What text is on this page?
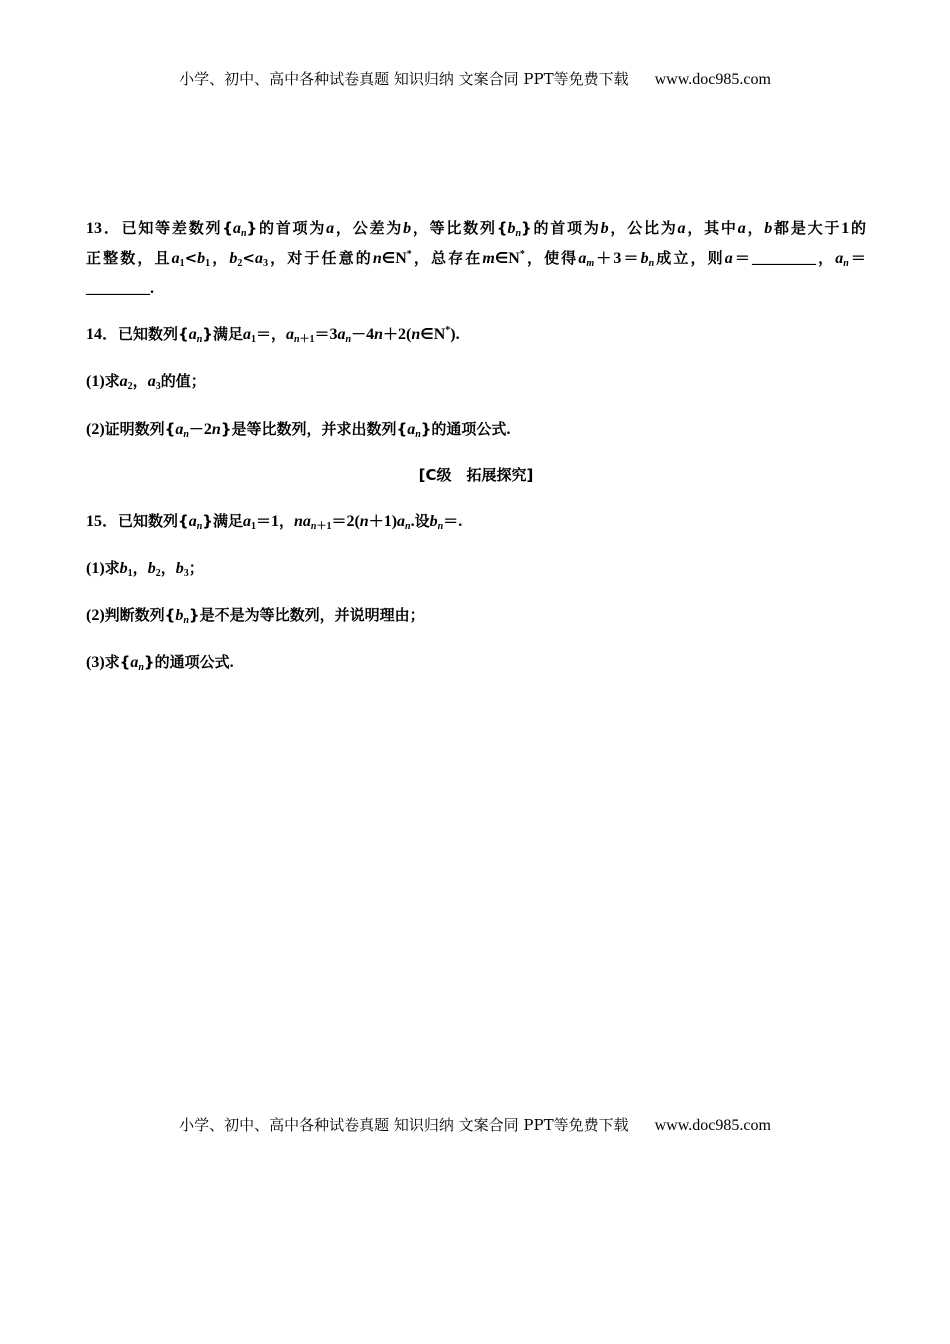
小学、初中、高中各种试卷真题 知识归纳 文案合同 PPT等免费下载 www.doc985.com
13．已知等差数列$\{a_n\}$的首项为a，公差为b，等比数列$\{b_n\}$的首项为b，公比为a，其中a，b都是大于1的
正整数，且$a_1<b_1$，$b_2<a_3$，对于任意的n∈N*，总存在m∈N*，使得$a_m+3=b_n$成立，则a＝________，$a_n=$
________.
14．已知数列$\{a_n\}$满足$a_1=$，$a_{n+1}=3a_n-4n+2(n\in N^*)$.
(1)求$a_2$，$a_3$的值；
(2)证明数列$\{a_n-2n\}$是等比数列，并求出数列$\{a_n\}$的通项公式.
[C级　拓展探究]
15．已知数列$\{a_n\}$满足$a_1=1$，$na_{n+1}=2(n+1)a_n$.设$b_n=$.
(1)求$b_1$，$b_2$，$b_3$；
(2)判断数列$\{b_n\}$是不是为等比数列，并说明理由；
(3)求$\{a_n\}$的通项公式.
小学、初中、高中各种试卷真题 知识归纳 文案合同 PPT等免费下载 www.doc985.com
